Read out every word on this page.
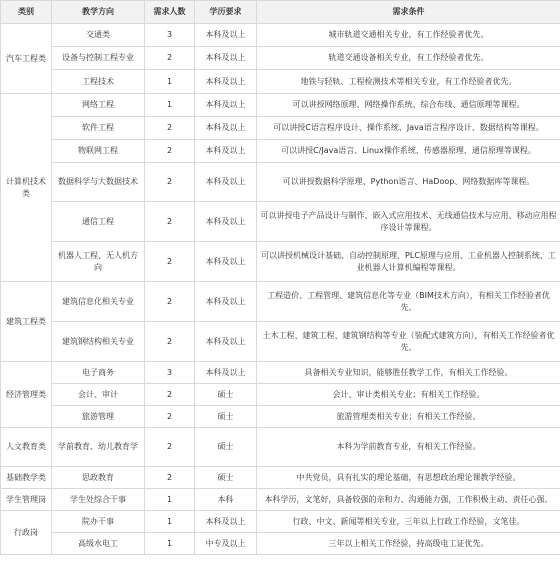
类别	教学方向	需求人数	学历要求	需求条件
汽车工程类	交通类	3	本科及以上	城市轨道交通相关专业，有工作经验者优先。
	设备与控制工程专业	2	本科及以上	轨道交通设备相关专业，有工作经验者优先。
	工程技术	1	本科及以上	地铁与轻轨、工程检测技术等相关专业，有工作经验者优先。
计算机技术类	网络工程	1	本科及以上	可以讲授网络原理、网络操作系统、综合布线、通信原理等课程。
	软件工程	2	本科及以上	可以讲授C语言程序设计、操作系统、Java语言程序设计、数据结构等课程。
	物联网工程	2	本科及以上	可以讲授C/Java语言、Linux操作系统、传感器原理、通信原理等课程。
	数据科学与大数据技术	2	本科及以上	可以讲授数据科学原理、Python语言、HaDoop、网络数据库等课程。
	通信工程	2	本科及以上	可以讲授电子产品设计与制作、嵌入式应用技术、无线通信技术与应用、移动应用程序设计等课程。
	机器人工程、无人机方向	2	本科及以上	可以讲授机械设计基础、自动控制原理、PLC原理与应用、工业机器人控制系统、工业机器人计算机编程等课程。
建筑工程类	建筑信息化相关专业	2	本科及以上	工程造价、工程管理、建筑信息化等专业（BIM技术方向），有相关工作经验者优先。
	建筑钢结构相关专业	2	本科及以上	土木工程、建筑工程、建筑钢结构等专业（装配式建筑方向），有相关工作经验者优先。
经济管理类	电子商务	3	本科及以上	具备相关专业知识，能够胜任教学工作，有相关工作经验。
	会计、审计	2	硕士	会计、审计类相关专业；有相关工作经验。
	旅游管理	2	硕士	旅游管理类相关专业；有相关工作经验。
人文教育类	学前教育、幼儿教育学	2	硕士	本科为学前教育专业，有相关工作经验。
基础教学类	思政教育	2	硕士	中共党员，具有扎实的理论基础，有思想政治理论课教学经验。
学生管理岗	学生处综合干事	1	本科	本科学历，文笔好，具备较强的亲和力、沟通能力强，工作积极主动、责任心强。
行政岗	院办干事	1	本科及以上	行政、中文、新闻等相关专业，三年以上行政工作经验，文笔佳。
	高级水电工	1	中专及以上	三年以上相关工作经验，持高级电工证优先。
